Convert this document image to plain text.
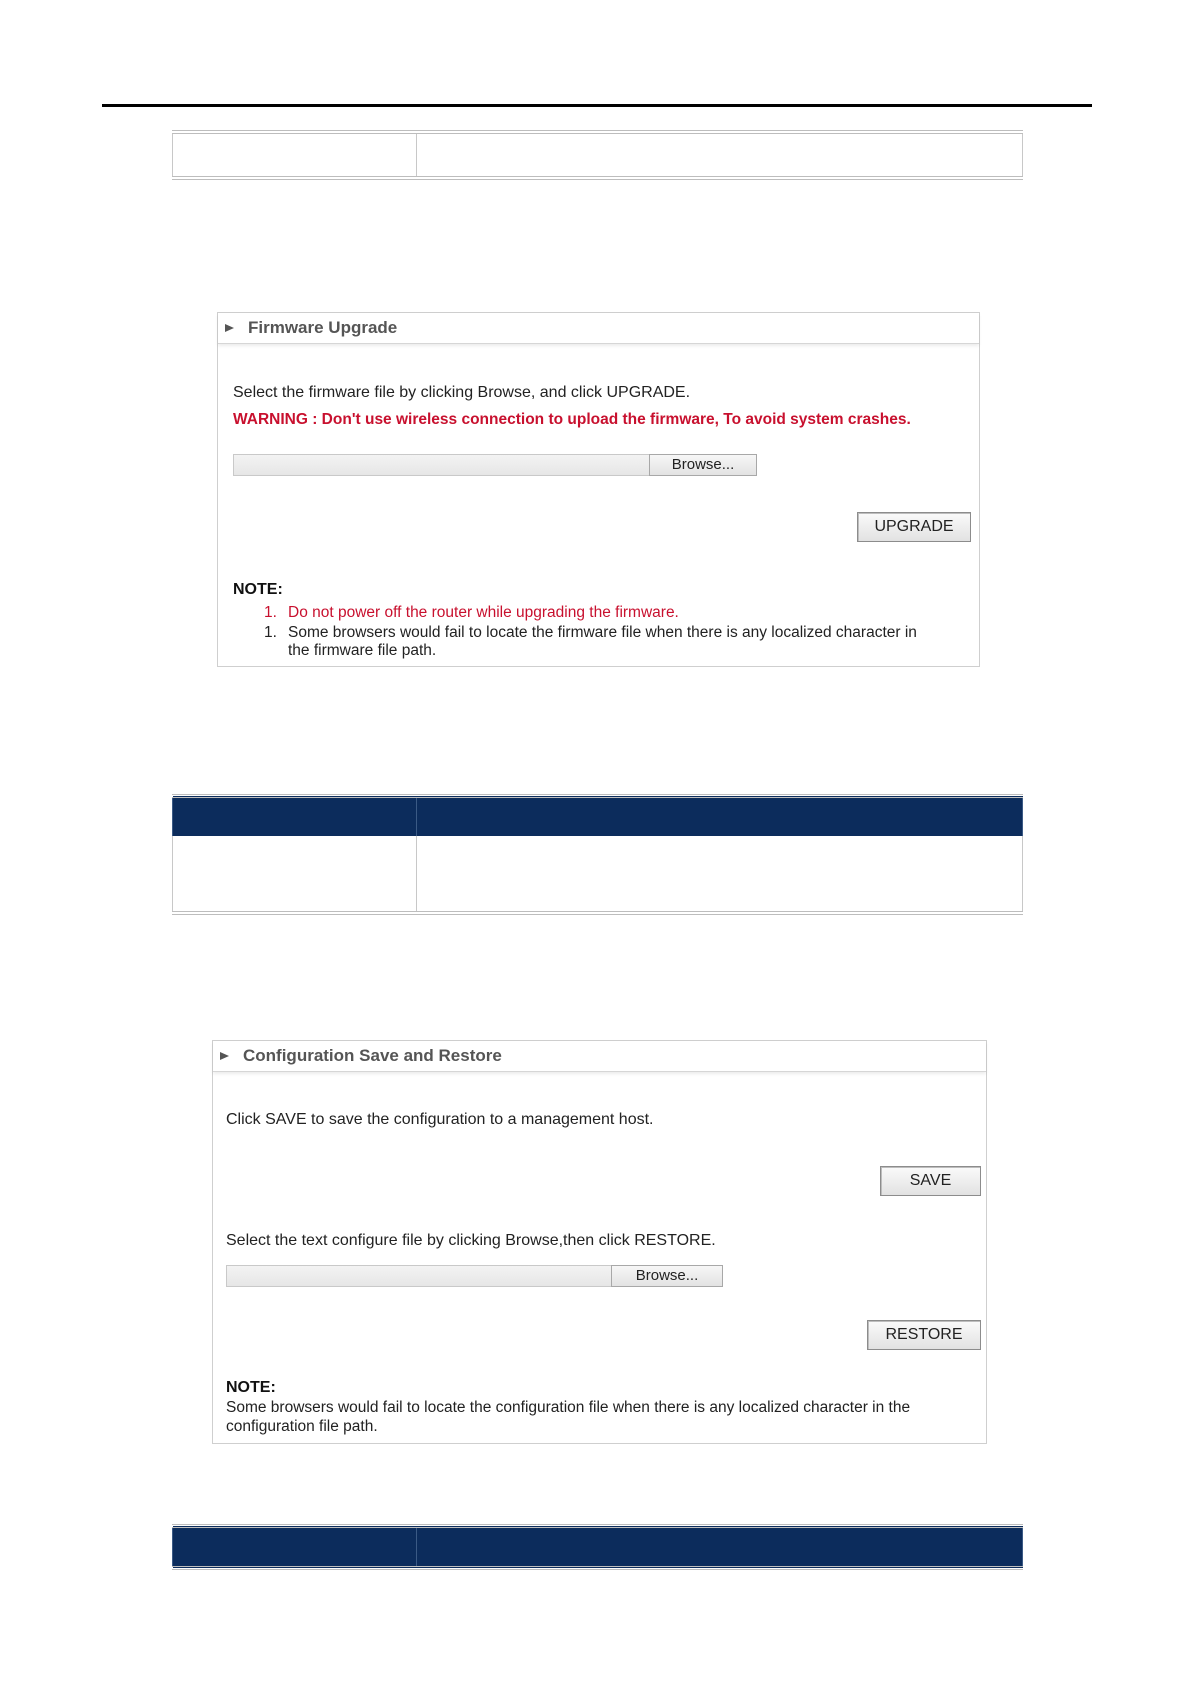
Firmware Upgrade
Select the firmware file by clicking Browse, and click UPGRADE.
WARNING : Don't use wireless connection to upload the firmware, To avoid system crashes.
Browse...
UPGRADE
NOTE:
1. Do not power off the router while upgrading the firmware.
1. Some browsers would fail to locate the firmware file when there is any localized character in
the firmware file path.

Configuration Save and Restore
Click SAVE to save the configuration to a management host.
SAVE
Select the text configure file by clicking Browse,then click RESTORE.
Browse...
RESTORE
NOTE:
Some browsers would fail to locate the configuration file when there is any localized character in the
configuration file path.
